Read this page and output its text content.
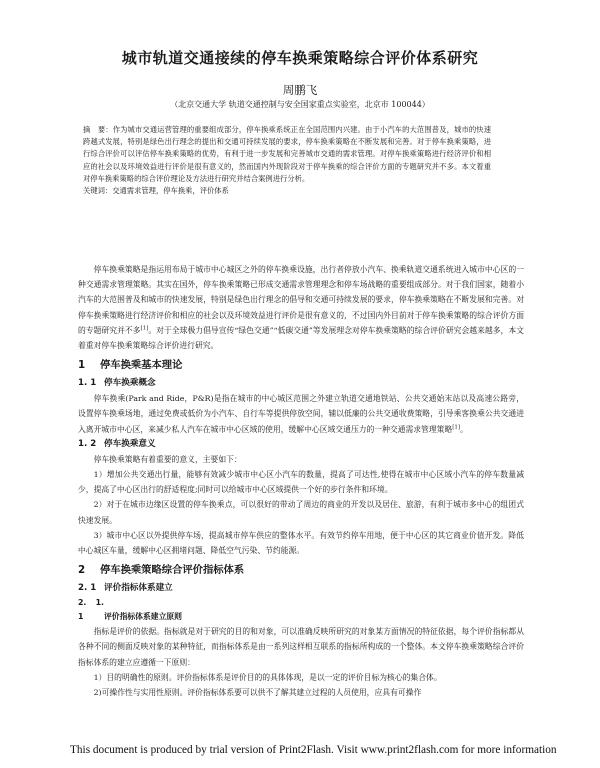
城市轨道交通接续的停车换乘策略综合评价体系研究
周鹏飞
（北京交通大学 轨道交通控制与安全国家重点实验室，北京市 100044）
摘　要：作为城市交通运营管理的重要组成部分，停车换乘系统正在全国范围内兴建。由于小汽车的大范围普及，城市的快速跨越式发展，特别是绿色出行理念的提出和交通可持续发展的要求，停车换乘策略在不断发展和完善。对于停车换乘策略，进行综合评价可以评估停车换乘策略的优势，有利于进一步发展和完善城市交通的需求管理。对停车换乘策略进行经济评价和相应的社会以及环境效益进行评价是很有意义的，然而国内外现阶段对于停车换乘的综合评价方面的专题研究并不多。本文着重对停车换乘策略的综合评价理论及方法进行研究并结合案例进行分析。
关键词：交通需求管理，停车换乘，评价体系

停车换乘策略是指运用布局于城市中心城区之外的停车换乘设施，出行者停放小汽车、换乘轨道交通系统进入城市中心区的一种交通需求管理策略。其实在国外，停车换乘策略已形成交通需求管理理念和停车场战略的重要组成部分。对于我们国家，随着小汽车的大范围普及和城市的快速发展，特别是绿色出行理念的倡导和交通可持续发展的要求，停车换乘策略在不断发展和完善。对停车换乘策略进行经济评价和相应的社会以及环境效益进行评价是很有意义的，不过国内外目前对于停车换乘策略的综合评价方面的专题研究并不多[1]。对于全球极力倡导宣传“绿色交通”“低碳交通”等发展理念对停车换乘策略的综合评价研究会越来越多，本文着重对停车换乘策略综合评价进行研究。

1 停车换乘基本理论
1. 1 停车换乘概念

停车换乘(Park and Ride，P&R)是指在城市的中心城区范围之外建立轨道交通地铁站、公共交通始末站以及高速公路旁，设置停车换乘场地，通过免费或低价为小汽车、自行车等提供停放空间，辅以低廉的公共交通收费策略，引导乘客换乘公共交通进入离开城市中心区，来减少私人汽车在城市中心区域的使用，缓解中心区域交通压力的一种交通需求管理策略[1]。

1. 2 停车换乘意义

停车换乘策略有着重要的意义，主要如下：

1）增加公共交通出行量，能够有效减少城市中心区小汽车的数量，提高了可达性,使得在城市中心区域小汽车的停车数量减少，提高了中心区出行的舒适程度;同时可以给城市中心区域提供一个好的步行条件和环境。

2）对于在城市边缘区设置的停车换乘点，可以很好的带动了周边的商业的开发以及居住、旅游，有利于城市多中心的组团式快速发展。

3）城市中心区以外提供停车场，提高城市停车供应的整体水平。有效节约停车用地，便于中心区的其它商业价值开发。降低中心城区车量，缓解中心区拥堵问题、降低空气污染、节约能源。

2 停车换乘策略综合评价指标体系
2. 1 评价指标体系建立
2. 1. 1	评价指标体系建立原则

指标是评价的依据。指标就是对于研究的目的和对象，可以准确反映所研究的对象某方面情况的特征依据，每个评价指标都从各种不同的侧面反映对象的某种特征，而指标体系是由一系列这样相互联系的指标所构成的一个整体。本文停车换乘策略综合评价指标体系的建立应遵循一下原则：

1）目的明确性的原则。评价指标体系是评价目的的具体体现，是以一定的评价目标为核心的集合体。

2)可操作性与实用性原则。评价指标体系要可以供不了解其建立过程的人员使用，应具有可操作

This document is produced by trial version of Print2Flash. Visit www.print2flash.com for more information
